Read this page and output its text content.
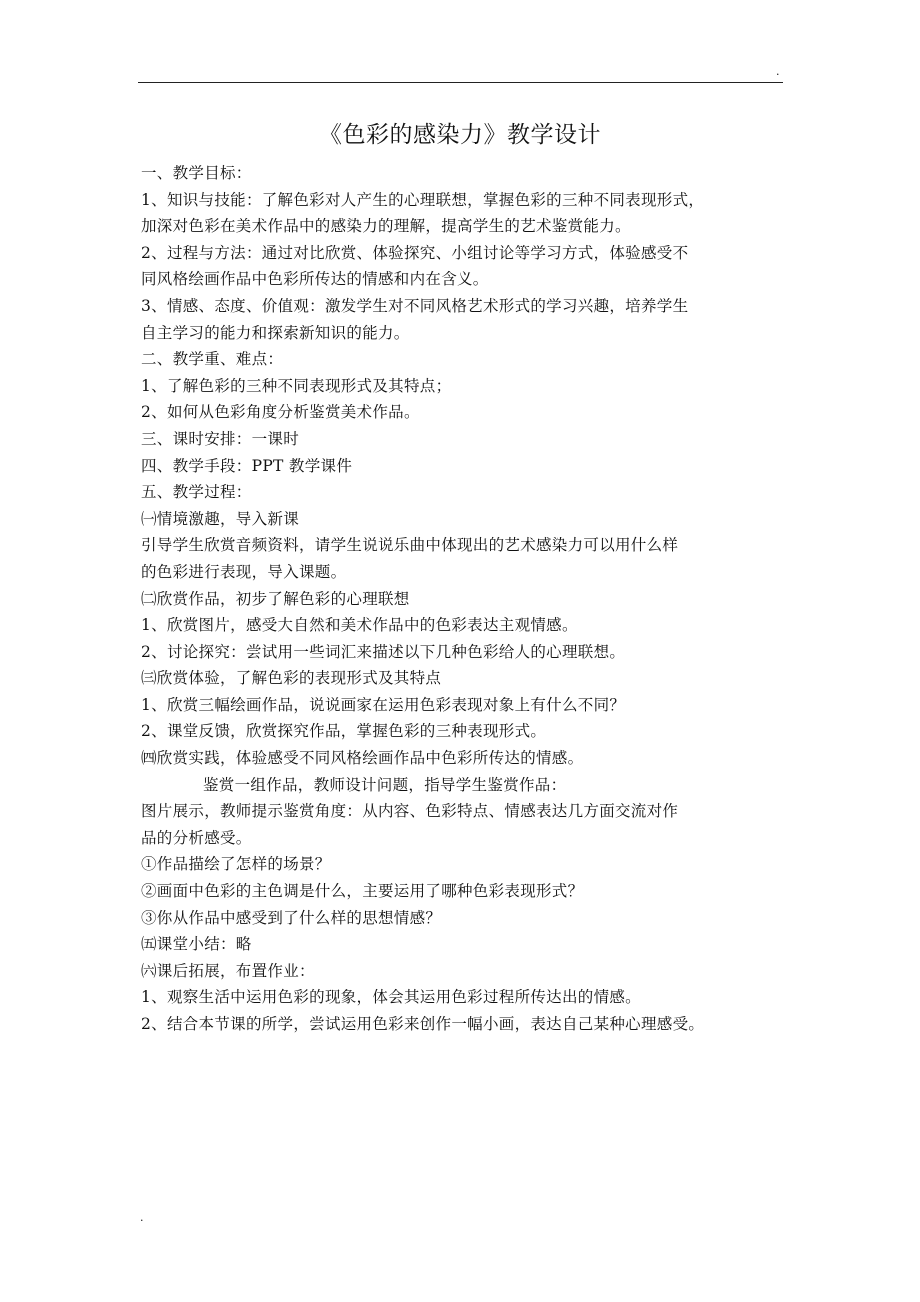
.
《色彩的感染力》教学设计
一、教学目标：
1、知识与技能：了解色彩对人产生的心理联想，掌握色彩的三种不同表现形式，
加深对色彩在美术作品中的感染力的理解，提高学生的艺术鉴赏能力。
2、过程与方法：通过对比欣赏、体验探究、小组讨论等学习方式，体验感受不
同风格绘画作品中色彩所传达的情感和内在含义。
3、情感、态度、价值观：激发学生对不同风格艺术形式的学习兴趣，培养学生
自主学习的能力和探索新知识的能力。
二、教学重、难点：
1、了解色彩的三种不同表现形式及其特点；
2、如何从色彩角度分析鉴赏美术作品。
三、课时安排：一课时
四、教学手段：PPT 教学课件
五、教学过程：
㈠情境激趣，导入新课
引导学生欣赏音频资料，请学生说说乐曲中体现出的艺术感染力可以用什么样
的色彩进行表现，导入课题。
㈡欣赏作品，初步了解色彩的心理联想
1、欣赏图片，感受大自然和美术作品中的色彩表达主观情感。
2、讨论探究：尝试用一些词汇来描述以下几种色彩给人的心理联想。
㈢欣赏体验，了解色彩的表现形式及其特点
1、欣赏三幅绘画作品，说说画家在运用色彩表现对象上有什么不同？
2、课堂反馈，欣赏探究作品，掌握色彩的三种表现形式。
㈣欣赏实践，体验感受不同风格绘画作品中色彩所传达的情感。
鉴赏一组作品，教师设计问题，指导学生鉴赏作品：
图片展示，教师提示鉴赏角度：从内容、色彩特点、情感表达几方面交流对作
品的分析感受。
①作品描绘了怎样的场景？
②画面中色彩的主色调是什么，主要运用了哪种色彩表现形式？
③你从作品中感受到了什么样的思想情感？
㈤课堂小结：略
㈥课后拓展，布置作业：
1、观察生活中运用色彩的现象，体会其运用色彩过程所传达出的情感。
2、结合本节课的所学，尝试运用色彩来创作一幅小画，表达自己某种心理感受。
.
